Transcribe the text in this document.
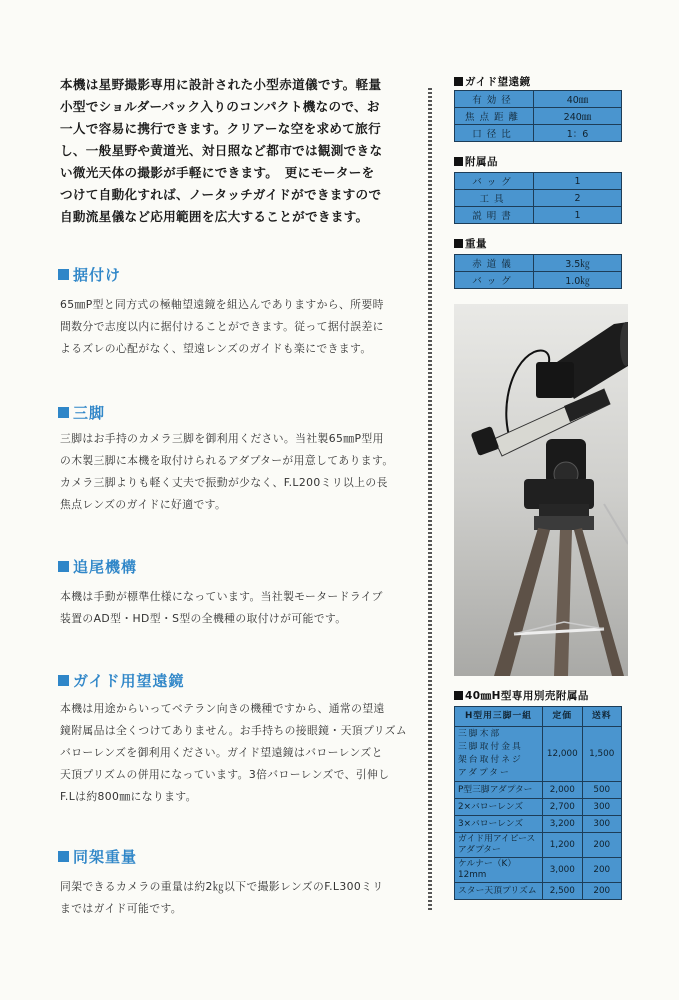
本機は星野撮影専用に設計された小型赤道儀です。軽量

小型でショルダーバック入りのコンパクト機なので、お

一人で容易に携行できます。クリアーな空を求めて旅行

し、一般星野や黄道光、対日照など都市では観測できな

い微光天体の撮影が手軽にできます。　更にモーターを

つけて自動化すれば、ノータッチガイドができますので

自動流星儀など応用範囲を広大することができます。

据付け

65㎜P型と同方式の極軸望遠鏡を組込んでありますから、所要時

間数分で志度以内に据付けることができます。従って据付誤差に

よるズレの心配がなく、望遠レンズのガイドも楽にできます。

三脚

三脚はお手持のカメラ三脚を御利用ください。当社製65㎜P型用

の木製三脚に本機を取付けられるアダプターが用意してあります。

カメラ三脚よりも軽く丈夫で振動が少なく、F.L200ミリ以上の長

焦点レンズのガイドに好適です。

追尾機構

本機は手動が標準仕様になっています。当社製モータードライブ

装置のAD型・HD型・S型の全機種の取付けが可能です。

ガイド用望遠鏡

本機は用途からいってベテラン向きの機種ですから、通常の望遠

鏡附属品は全くつけてありません。お手持ちの接眼鏡・天頂プリズム

バローレンズを御利用ください。ガイド望遠鏡はバローレンズと

天頂プリズムの併用になっています。3倍バローレンズで、引伸し

F.Lは約800㎜になります。

同架重量

同架できるカメラの重量は約2㎏以下で撮影レンズのF.L300ミリ

まではガイド可能です。

ガイド望遠鏡
有効径	40㎜
焦点距離	240㎜
口径比	1：6
附属品
バッグ	1
工具	2
説明書	1
重量
赤道儀	3.5㎏
バッグ	1.0㎏
40㎜H型専用別売附属品
H型用三脚一組	定価	送料
三脚木部
三脚取付金具
架台取付ネジ
アダプター	12,000	1,500
P型三脚アダプター	2,000	500
2×バローレンズ	2,700	300
3×バローレンズ	3,200	300
ガイド用アイピース
アダプター	1,200	200
ケルナー（K）12mm	3,000	200
スター天頂プリズム	2,500	200
